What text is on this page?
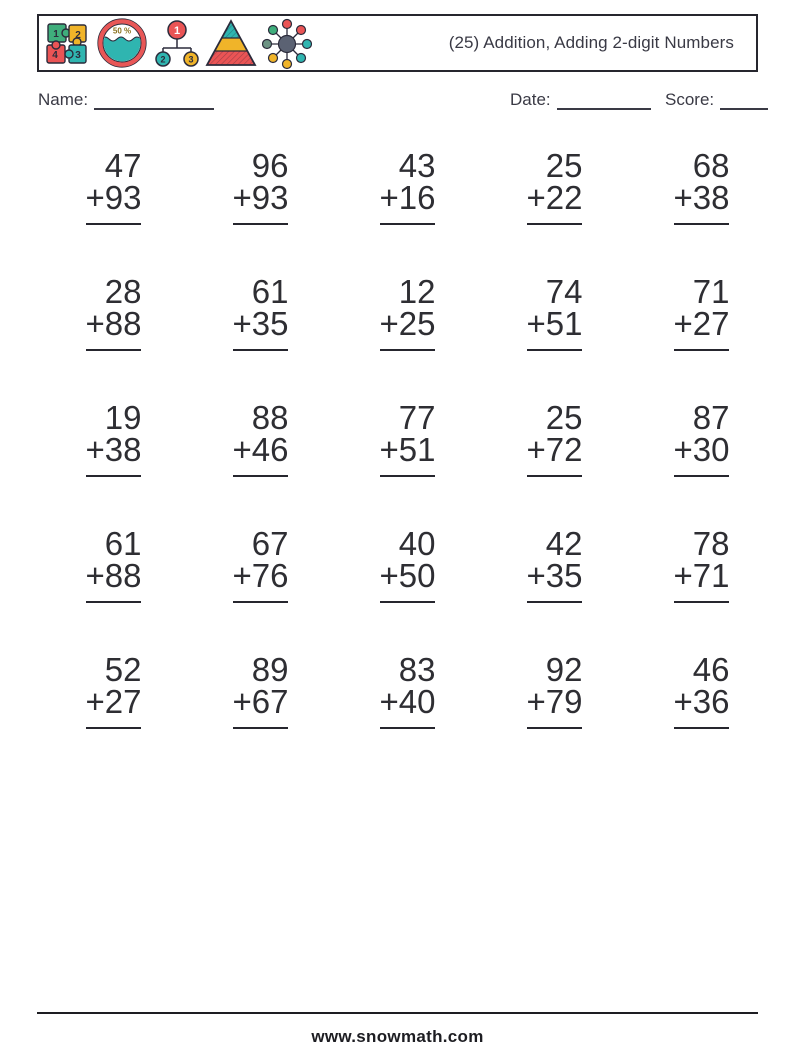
1 2
4 3
50 %	1
2	3
(25) Addition, Adding 2-digit Numbers
Name:	Date:	Score:
47
+93
96
+93
43
+16
25
+22
68
+38
28
+88
61
+35
12
+25
74
+51
71
+27
19
+38
88
+46
77
+51
25
+72
87
+30
61
+88
67
+76
40
+50
42
+35
78
+71
52
+27
89
+67
83
+40
92
+79
46
+36
www.snowmath.com
